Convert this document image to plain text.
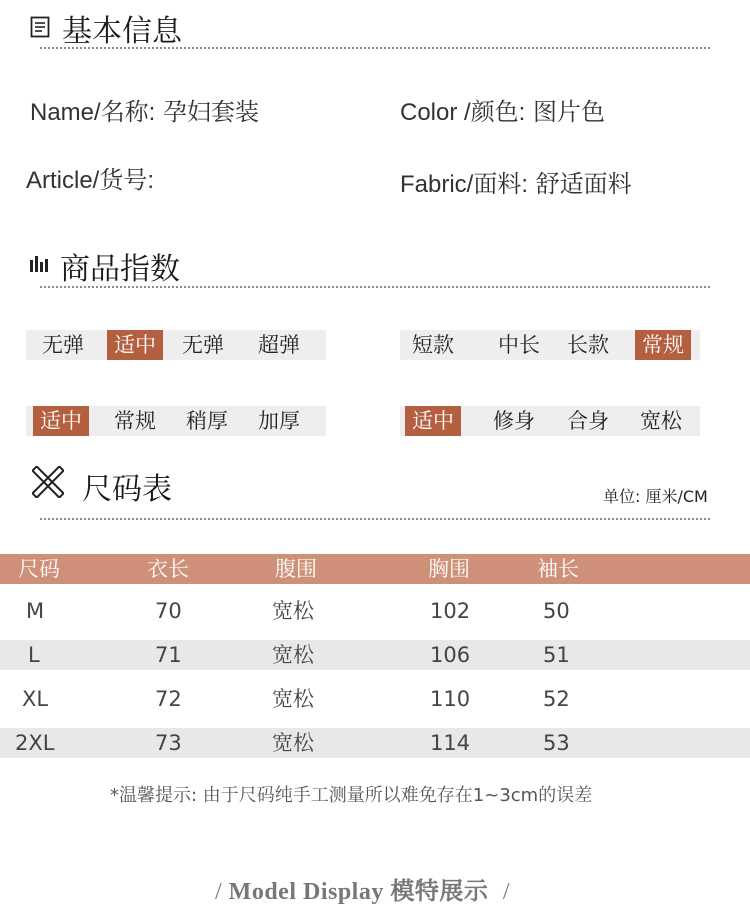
基本信息
Name/名称: 孕妇套装	Color /颜色: 图片色
Article/货号:	Fabric/面料: 舒适面料
商品指数
无弹	适中	无弹	超弹	短款	中长	长款	常规
适中	常规	稍厚	加厚	适中	修身	合身	宽松
尺码表	单位: 厘米/CM
尺码	衣长	腹围	胸围	袖长
M	70	宽松	102	50
L	71	宽松	106	51
XL	72	宽松	110	52
2XL	73	宽松	114	53
*温馨提示: 由于尺码纯手工测量所以难免存在1~3cm的误差
/ Model Display 模特展示 /
